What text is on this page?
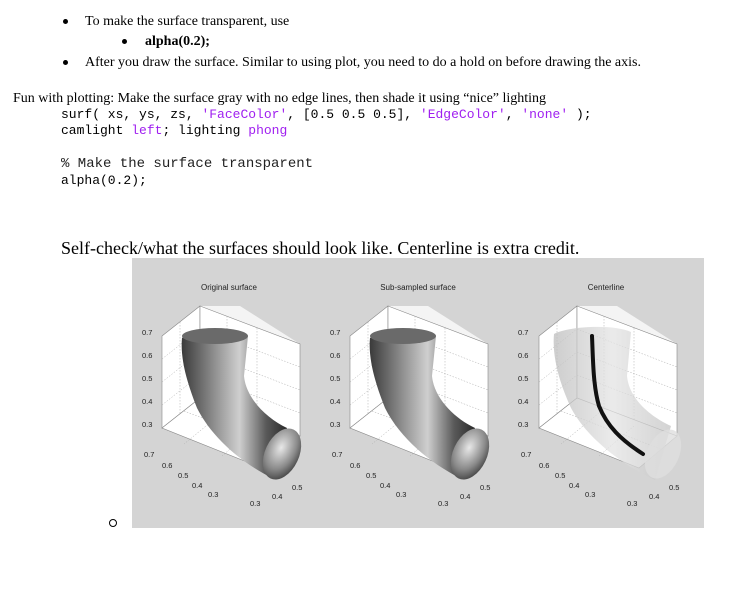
To make the surface transparent, use
alpha(0.2);
After you draw the surface. Similar to using plot, you need to do a hold on before drawing the axis.
Fun with plotting: Make the surface gray with no edge lines, then shade it using “nice” lighting
surf( xs, ys, zs, 'FaceColor', [0.5 0.5 0.5], 'EdgeColor', 'none' );
camlight left; lighting phong
% Make the surface transparent
alpha(0.2);
Self-check/what the surfaces should look like. Centerline is extra credit.
Original surface	Sub-sampled surface	Centerline
0.7
0.6
0.5
0.4
0.3
0.7
0.6
0.5
0.4
0.3
0.3
0.4
0.5
0.7
0.6
0.5
0.4
0.3
0.7
0.6
0.5
0.4
0.3
0.3
0.4
0.5
0.7
0.6
0.5
0.4
0.3
0.7
0.6
0.5
0.4
0.3
0.3
0.4
0.5
